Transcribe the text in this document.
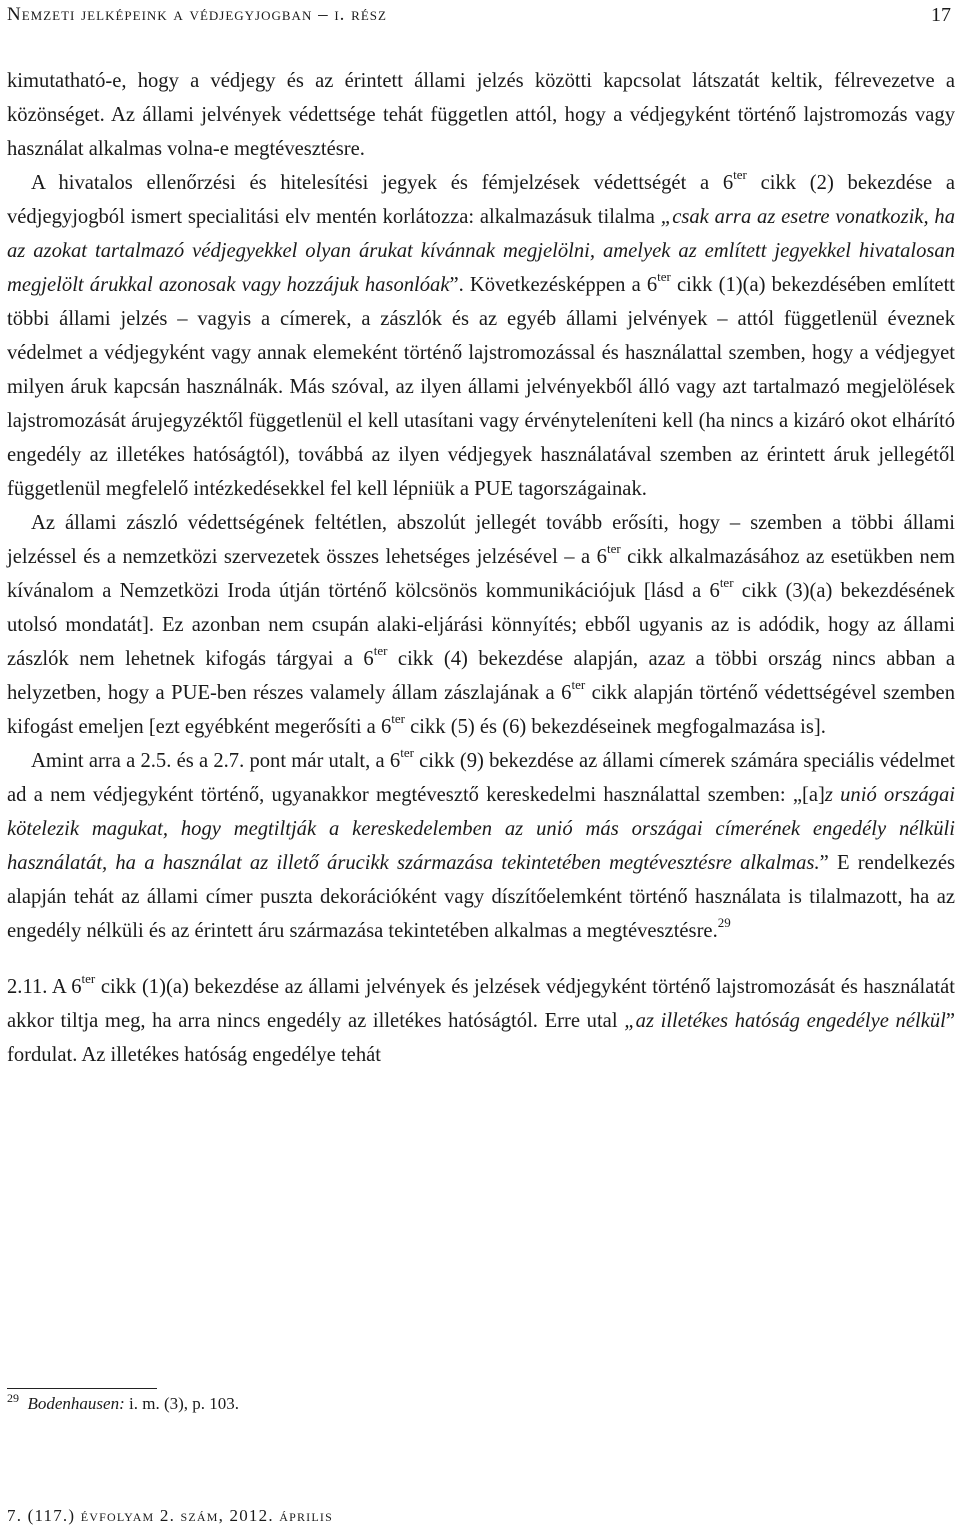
Nemzeti jelképeink a védjegyjogban – i. rész	17

kimutatható-e, hogy a védjegy és az érintett állami jelzés közötti kapcsolat látszatát keltik, félrevezetve a közönséget. Az állami jelvények védettsége tehát független attól, hogy a védjegyként történő lajstromozás vagy használat alkalmas volna-e megtévesztésre.

A hivatalos ellenőrzési és hitelesítési jegyek és fémjelzések védettségét a $6^{ter}$ cikk (2) bekezdése a védjegyjogból ismert specialitási elv mentén korlátozza: alkalmazásuk tilalma „csak arra az esetre vonatkozik, ha az azokat tartalmazó védjegyekkel olyan árukat kívánnak megjelölni, amelyek az említett jegyekkel hivatalosan megjelölt árukkal azonosak vagy hozzájuk hasonlóak”. Következésképpen a $6^{ter}$ cikk (1)(a) bekezdésében említett többi állami jelzés – vagyis a címerek, a zászlók és az egyéb állami jelvények – attól függetlenül éveznek védelmet a védjegyként vagy annak elemeként történő lajstromozással és használattal szemben, hogy a védjegyet milyen áruk kapcsán használnák. Más szóval, az ilyen állami jelvényekből álló vagy azt tartalmazó megjelölések lajstromozását árujegyzéktől függetlenül el kell utasítani vagy érvényteleníteni kell (ha nincs a kizáró okot elhárító engedély az illetékes hatóságtól), továbbá az ilyen védjegyek használatával szemben az érintett áruk jellegétől függetlenül megfelelő intézkedésekkel fel kell lépniük a PUE tagországainak.

Az állami zászló védettségének feltétlen, abszolút jellegét tovább erősíti, hogy – szemben a többi állami jelzéssel és a nemzetközi szervezetek összes lehetséges jelzésével – a $6^{ter}$ cikk alkalmazásához az esetükben nem kívánalom a Nemzetközi Iroda útján történő kölcsönös kommunikációjuk [lásd a $6^{ter}$ cikk (3)(a) bekezdésének utolsó mondatát]. Ez azonban nem csupán alaki-eljárási könnyítés; ebből ugyanis az is adódik, hogy az állami zászlók nem lehetnek kifogás tárgyai a $6^{ter}$ cikk (4) bekezdése alapján, azaz a többi ország nincs abban a helyzetben, hogy a PUE-ben részes valamely állam zászlajának a $6^{ter}$ cikk alapján történő védettségével szemben kifogást emeljen [ezt egyébként megerősíti a $6^{ter}$ cikk (5) és (6) bekezdéseinek megfogalmazása is].

Amint arra a 2.5. és a 2.7. pont már utalt, a $6^{ter}$ cikk (9) bekezdése az állami címerek számára speciális védelmet ad a nem védjegyként történő, ugyanakkor megtévesztő kereskedelmi használattal szemben: „[a]z unió országai kötelezik magukat, hogy megtiltják a kereskedelemben az unió más országai címerének engedély nélküli használatát, ha a használat az illető árucikk származása tekintetében megtévesztésre alkalmas.” E rendelkezés alapján tehát az állami címer puszta dekorációként vagy díszítőelemként történő használata is tilalmazott, ha az engedély nélküli és az érintett áru származása tekintetében alkalmas a megtévesztésre.$^{29}$

2.11. A $6^{ter}$ cikk (1)(a) bekezdése az állami jelvények és jelzések védjegyként történő lajstromozását és használatát akkor tiltja meg, ha arra nincs engedély az illetékes hatóságtól. Erre utal „az illetékes hatóság engedélye nélkül” fordulat. Az illetékes hatóság engedélye tehát

$^{29}$ Bodenhausen: i. m. (3), p. 103.
7. (117.) évfolyam 2. szám, 2012. április
